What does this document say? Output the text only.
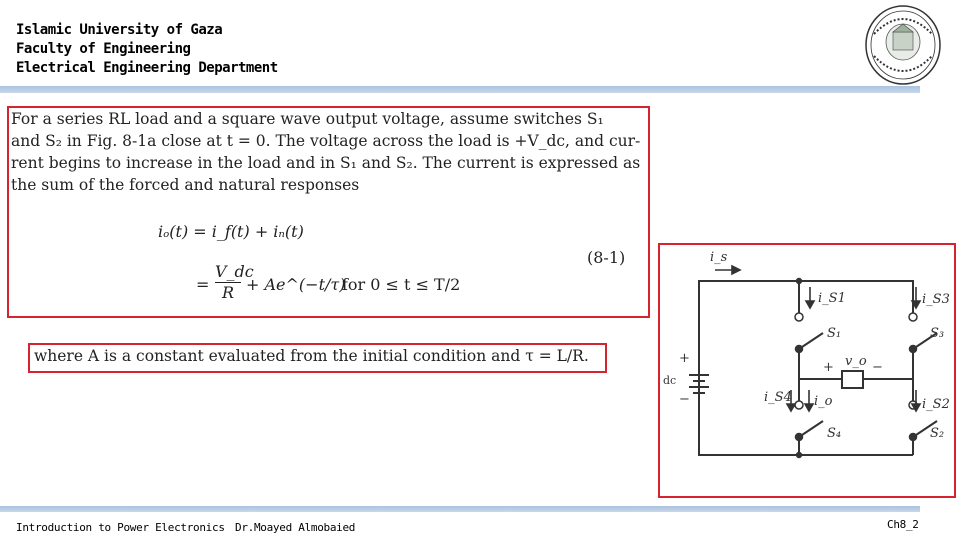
Islamic University of Gaza
Faculty of Engineering
Electrical Engineering Department
For a series RL load and a square wave output voltage, assume switches S₁
and S₂ in Fig. 8-1a close at t = 0. The voltage across the load is +V_dc, and cur-
rent begins to increase in the load and in S₁ and S₂. The current is expressed as
the sum of the forced and natural responses
iₒ(t) = i_f(t) + iₙ(t)
(8-1)
= $\frac{V\_dc}{R}$ + Ae^(−t/τ)
for 0 ≤ t ≤ T/2
where A is a constant evaluated from the initial condition and τ = L/R.
i_s
i_S1	i_S3
S₁	S₃
v_o
+
+	−
dc
−	i_S4 i_o	i_S2
S₄	S₂
Introduction to Power Electronics Dr.Moayed Almobaied	Ch8_2
